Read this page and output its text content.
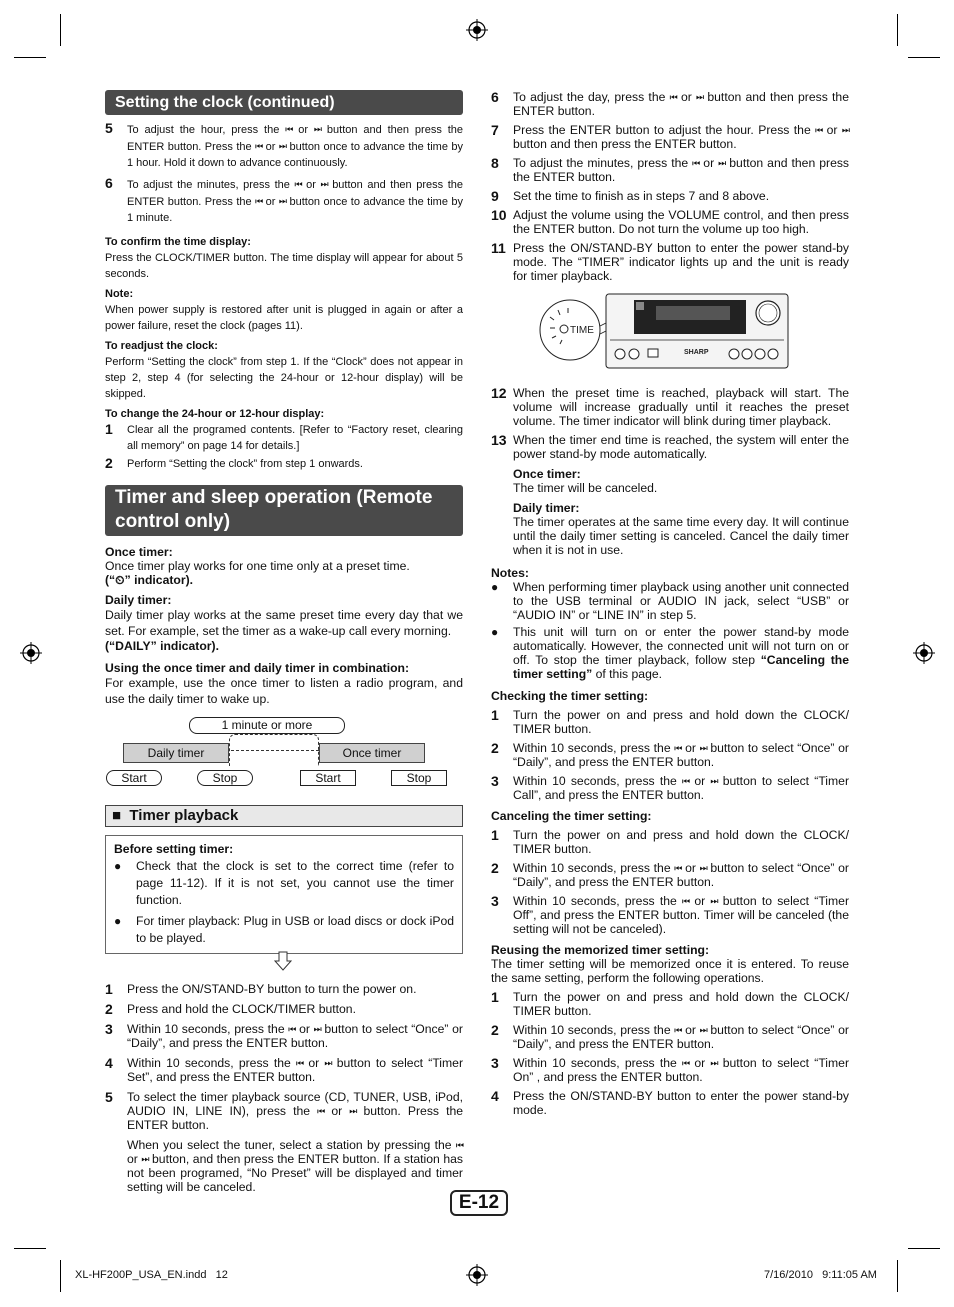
Setting the clock (continued)
5	To adjust the hour, press the ⏮ or ⏭ button and then press the ENTER button. Press the ⏮ or ⏭ button once to advance the time by 1 hour. Hold it down to advance continuously.
6	To adjust the minutes, press the ⏮ or ⏭ button and then press the ENTER button. Press the ⏮ or ⏭ button once to advance the time by 1 minute.
To confirm the time display:
Press the CLOCK/TIMER button. The time display will appear for about 5 seconds.
Note:
When power supply is restored after unit is plugged in again or after a power failure, reset the clock (pages 11).
To readjust the clock:
Perform “Setting the clock” from step 1. If the “Clock” does not appear in step 2, step 4 (for selecting the 24-hour or 12-hour display) will be skipped.
To change the 24-hour or 12-hour display:
1	Clear all the programed contents. [Refer to “Factory reset, clearing all memory” on page 14 for details.]
2	Perform “Setting the clock” from step 1 onwards.
Timer and sleep operation (Remote control only)
Once timer:
Once timer play works for one time only at a preset time.
(“⏲” indicator).
Daily timer:
Daily timer play works at the same preset time every day that we set. For example, set the timer as a wake-up call every morning.
(“DAILY” indicator).
Using the once timer and daily timer in combination:
For example, use the once timer to listen a radio program, and use the daily timer to wake up.
1 minute or more
Daily timer	Once timer
Start	Stop	Start	Stop
■ Timer playback
Before setting timer:
●	Check that the clock is set to the correct time (refer to page 11-12). If it is not set, you cannot use the timer function.
●	For timer playback: Plug in USB or load discs or dock iPod to be played.
1	Press the ON/STAND-BY button to turn the power on.
2	Press and hold the CLOCK/TIMER button.
3	Within 10 seconds, press the ⏮ or ⏭ button to select “Once” or “Daily”, and press the ENTER button.
4	Within 10 seconds, press the ⏮ or ⏭ button to select “Timer Set”, and press the ENTER button.
5	To select the timer playback source (CD, TUNER, USB, iPod, AUDIO IN, LINE IN), press the ⏮ or ⏭ button. Press the ENTER button.
When you select the tuner, select a station by pressing the ⏮ or ⏭ button, and then press the ENTER button. If a station has not been programed, “No Preset” will be displayed and timer setting will be canceled.
6	To adjust the day, press the ⏮ or ⏭ button and then press the ENTER button.
7	Press the ENTER button to adjust the hour. Press the ⏮ or ⏭ button and then press the ENTER button.
8	To adjust the minutes, press the ⏮ or ⏭ button and then press the ENTER button.
9	Set the time to finish as in steps 7 and 8 above.
10 Adjust the volume using the VOLUME control, and then press the ENTER button. Do not turn the volume up too high.
11 Press the ON/STAND-BY button to enter the power stand-by mode. The “TIMER” indicator lights up and the unit is ready for timer playback.
TIME
SHARP
12 When the preset time is reached, playback will start. The volume will increase gradually until it reaches the preset volume. The timer indicator will blink during timer playback.
13 When the timer end time is reached, the system will enter the power stand-by mode automatically.
Once timer:
The timer will be canceled.
Daily timer:
The timer operates at the same time every day. It will continue until the daily timer setting is canceled. Cancel the daily timer when it is not in use.
Notes:
●	When performing timer playback using another unit connected to the USB terminal or AUDIO IN jack, select “USB” or “AUDIO IN” or “LINE IN” in step 5.
●	This unit will turn on or enter the power stand-by mode automatically. However, the connected unit will not turn on or off. To stop the timer playback, follow step “Canceling the timer setting” of this page.
Checking the timer setting:
1	Turn the power on and press and hold down the CLOCK/ TIMER button.
2	Within 10 seconds, press the ⏮ or ⏭ button to select “Once” or “Daily”, and press the ENTER button.
3	Within 10 seconds, press the ⏮ or ⏭ button to select “Timer Call”, and press the ENTER button.
Canceling the timer setting:
1	Turn the power on and press and hold down the CLOCK/ TIMER button.
2	Within 10 seconds, press the ⏮ or ⏭ button to select “Once” or “Daily”, and press the ENTER button.
3	Within 10 seconds, press the ⏮ or ⏭ button to select “Timer Off”, and press the ENTER button. Timer will be canceled (the setting will not be canceled).
Reusing the memorized timer setting:
The timer setting will be memorized once it is entered. To reuse the same setting, perform the following operations.
1	Turn the power on and press and hold down the CLOCK/ TIMER button.
2	Within 10 seconds, press the ⏮ or ⏭ button to select “Once” or “Daily”, and press the ENTER button.
3	Within 10 seconds, press the ⏮ or ⏭ button to select “Timer On” , and press the ENTER button.
4	Press the ON/STAND-BY button to enter the power stand-by mode.
E-12
XL-HF200P_USA_EN.indd   12	7/16/2010   9:11:05 AM
